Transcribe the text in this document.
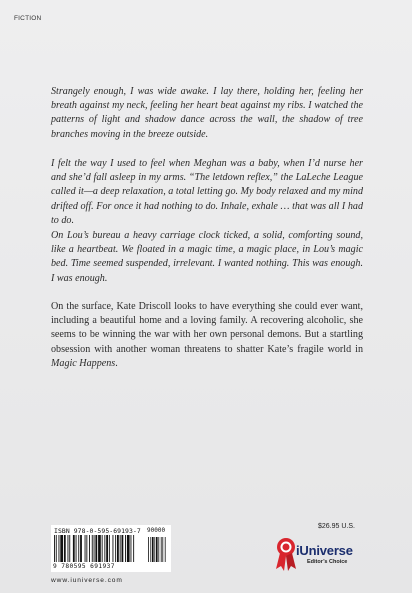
FICTION

Strangely enough, I was wide awake. I lay there, holding her, feeling her breath against my neck, feeling her heart beat against my ribs. I watched the patterns of light and shadow dance across the wall, the shadow of tree branches moving in the breeze outside.

I felt the way I used to feel when Meghan was a baby, when I’d nurse her and she’d fall asleep in my arms. “The letdown reflex,” the LaLeche League called it—a deep relaxation, a total letting go. My body relaxed and my mind drifted off. For once it had nothing to do. Inhale, exhale … that was all I had to do.

On Lou’s bureau a heavy carriage clock ticked, a solid, comforting sound, like a heartbeat. We floated in a magic time, a magic place, in Lou’s magic bed. Time seemed suspended, irrelevant. I wanted nothing. This was enough. I was enough.

On the surface, Kate Driscoll looks to have everything she could ever want, including a beautiful home and a loving family. A recovering alcoholic, she seems to be winning the war with her own personal demons. But a startling obsession with another woman threatens to shatter Kate’s fragile world in Magic Happens.

ISBN 978-0-595-69193-7 90000
9 780595 691937
www.iuniverse.com
$26.95 U.S.
iUniverse
Editor’s Choice
